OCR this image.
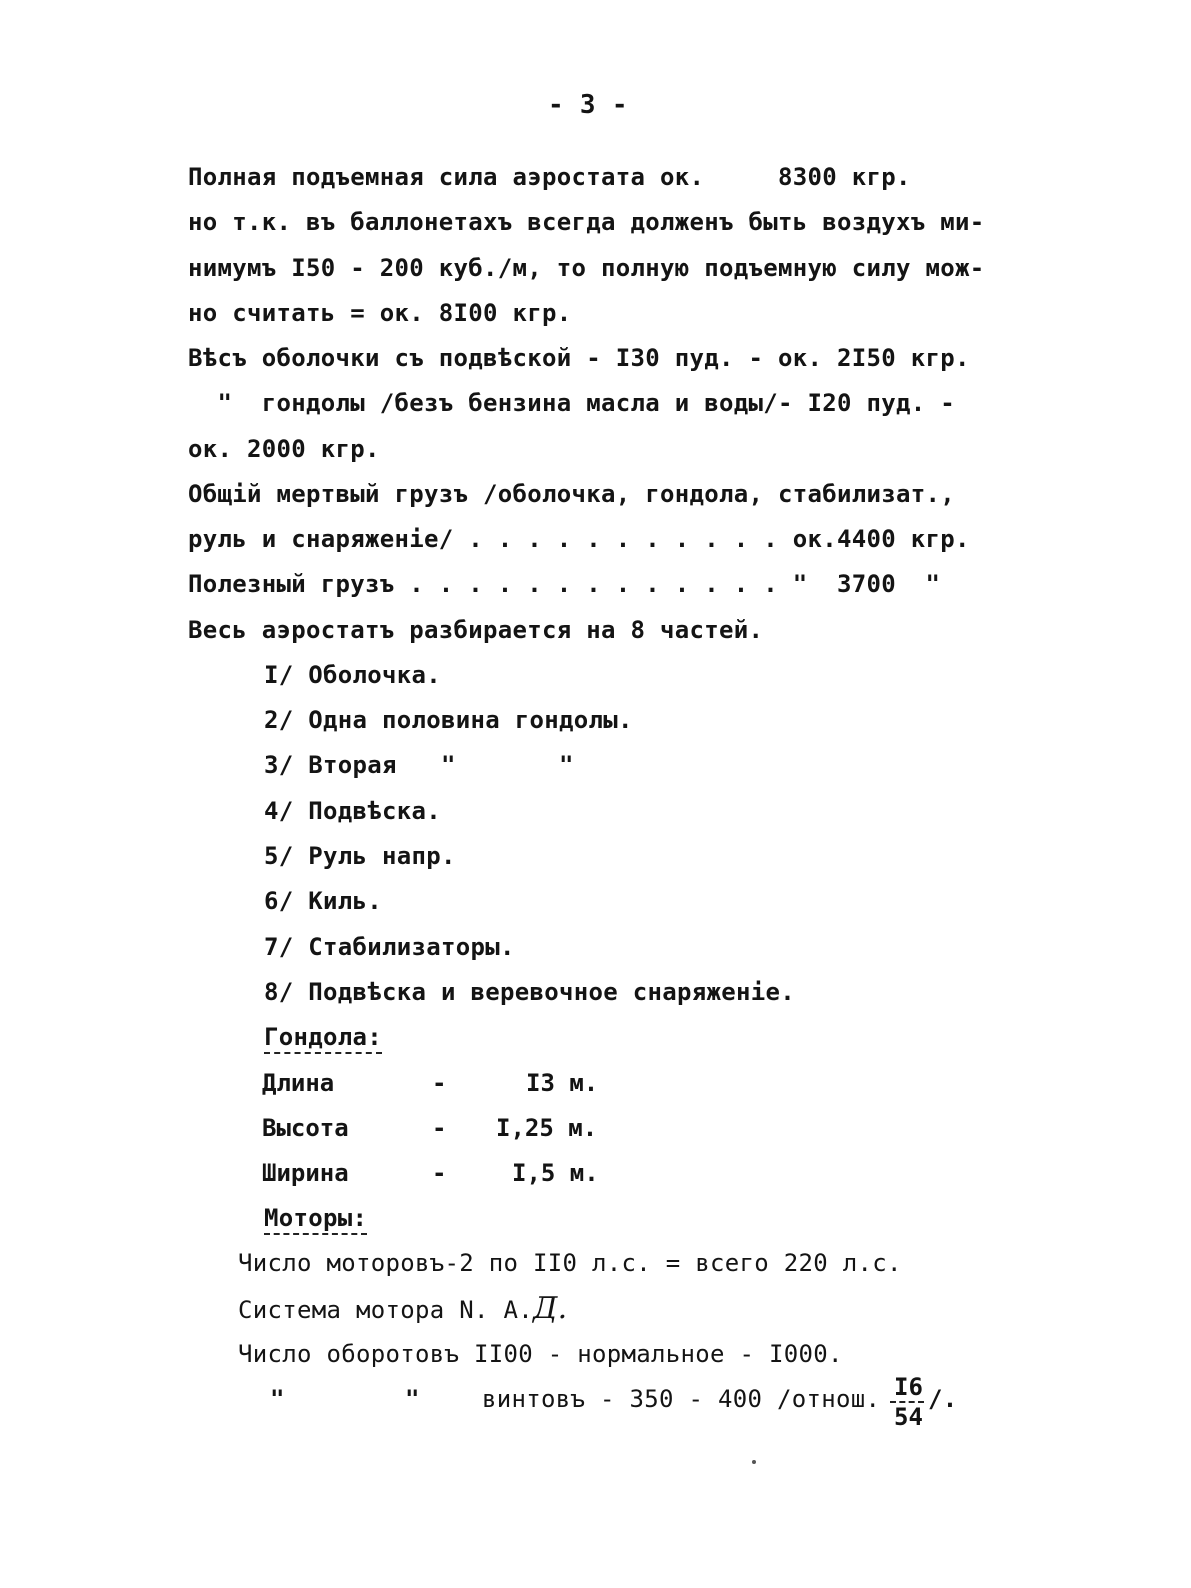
- 3 -
Полная подъемная сила аэростата ок.     8300 кгр.
но т.к. въ баллонетахъ всегда долженъ быть воздухъ ми-
нимумъ I50 - 200 куб./м, то полную подъемную силу мож-
но считать = ок. 8I00 кгр.
Вѣсъ оболочки съ подвѣской - I30 пуд. - ок. 2I50 кгр.
"  гондолы /безъ бензина масла и воды/- I20 пуд. -
ок. 2000 кгр.
Общiй мертвый грузъ /оболочка, гондола, стабилизат.,
руль и снаряженiе/ . . . . . . . . . . . ок.4400 кгр.
Полезный грузъ . . . . . . . . . . . . . "  3700  "
Весь аэростатъ разбирается на 8 частей.
I/ Оболочка.
2/ Одна половина гондолы.
3/ Вторая   "       "
4/ Подвѣска.
5/ Руль напр.
6/ Киль.
7/ Стабилизаторы.
8/ Подвѣска и веревочное снаряженiе.
Гондола:
Длина	-	I3 м.
Высота	- I,25 м.
Ширина	-	I,5 м.
Моторы:
Число моторовъ-2 по II0 л.с. = всего 220 л.с.
Система мотора N. А.Д.
Число оборотовъ II00 - нормальное - I000.
"	"	винтовъ - 350 - 400 /отнош. I6
54
/.
